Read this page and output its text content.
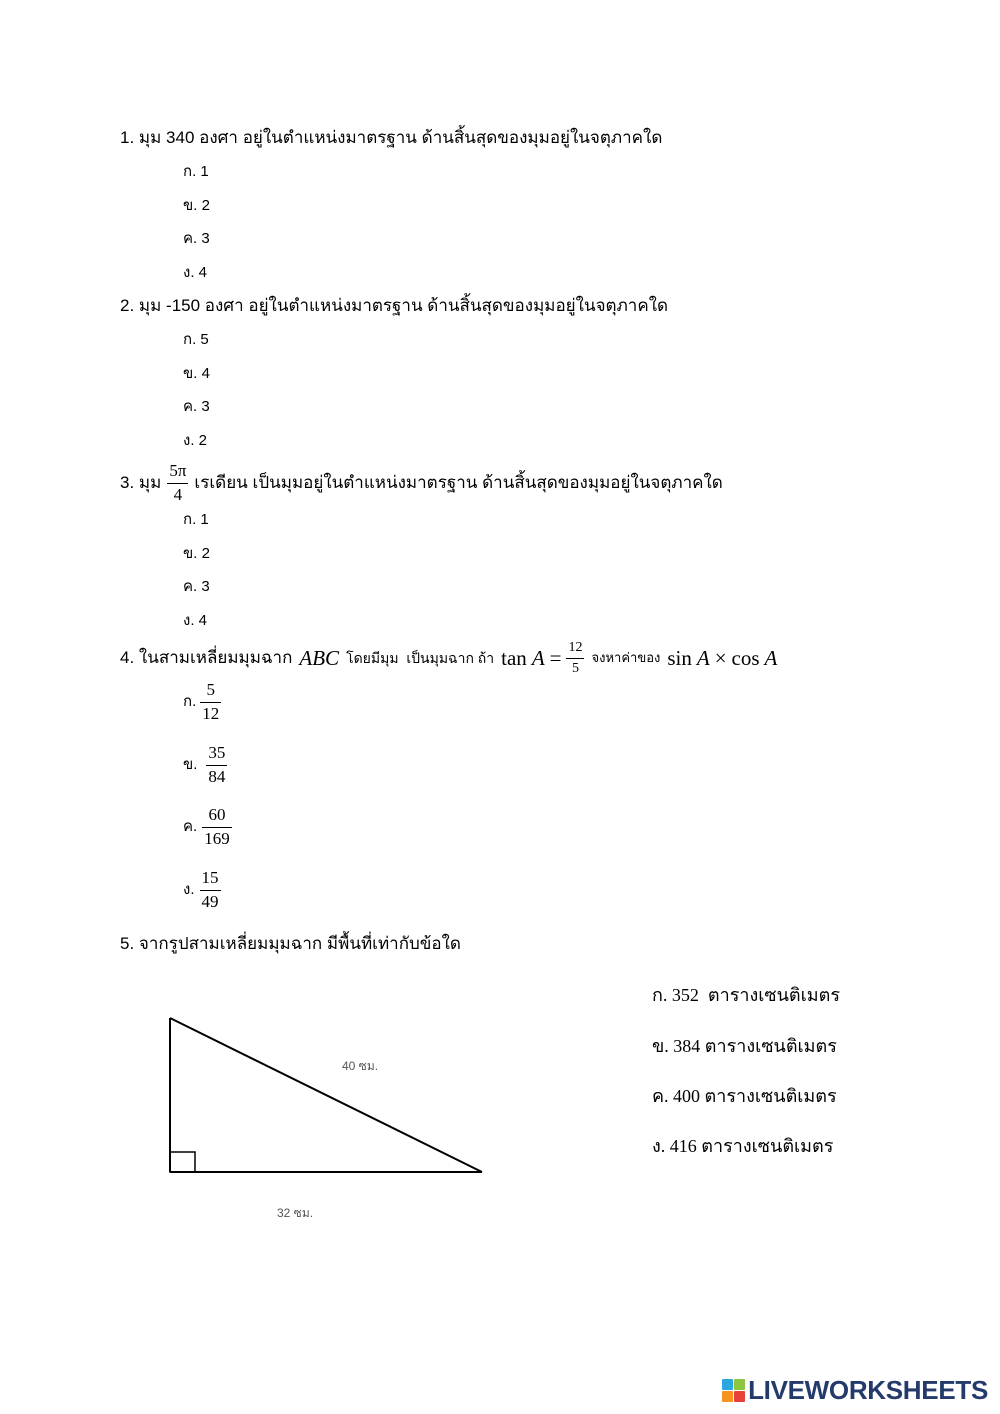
1. มุม 340 องศา อยู่ในตำแหน่งมาตรฐาน ด้านสิ้นสุดของมุมอยู่ในจตุภาคใด
ก. 1
ข. 2
ค. 3
ง. 4
2. มุม -150 องศา อยู่ในตำแหน่งมาตรฐาน ด้านสิ้นสุดของมุมอยู่ในจตุภาคใด
ก. 5
ข. 4
ค. 3
ง. 2
3. มุม $\frac{5\pi}{4}$ เรเดียน เป็นมุมอยู่ในตำแหน่งมาตรฐาน ด้านสิ้นสุดของมุมอยู่ในจตุภาคใด
ก. 1
ข. 2
ค. 3
ง. 4
4. ในสามเหลี่ยมมุมฉาก ABC โดยมีมุม  เป็นมุมฉาก ถ้า $\tan A = \frac{12}{5}$ จงหาค่าของ sin A × cos A
ก. $\frac{5}{12}$
ข. $\frac{35}{84}$
ค. $\frac{60}{169}$
ง. $\frac{15}{49}$
5. จากรูปสามเหลี่ยมมุมฉาก มีพื้นที่เท่ากับข้อใด
40 ซม.
32 ซม.
ก. 352  ตารางเซนติเมตร
ข. 384 ตารางเซนติเมตร
ค. 400 ตารางเซนติเมตร
ง. 416 ตารางเซนติเมตร
LIVEWORKSHEETS
